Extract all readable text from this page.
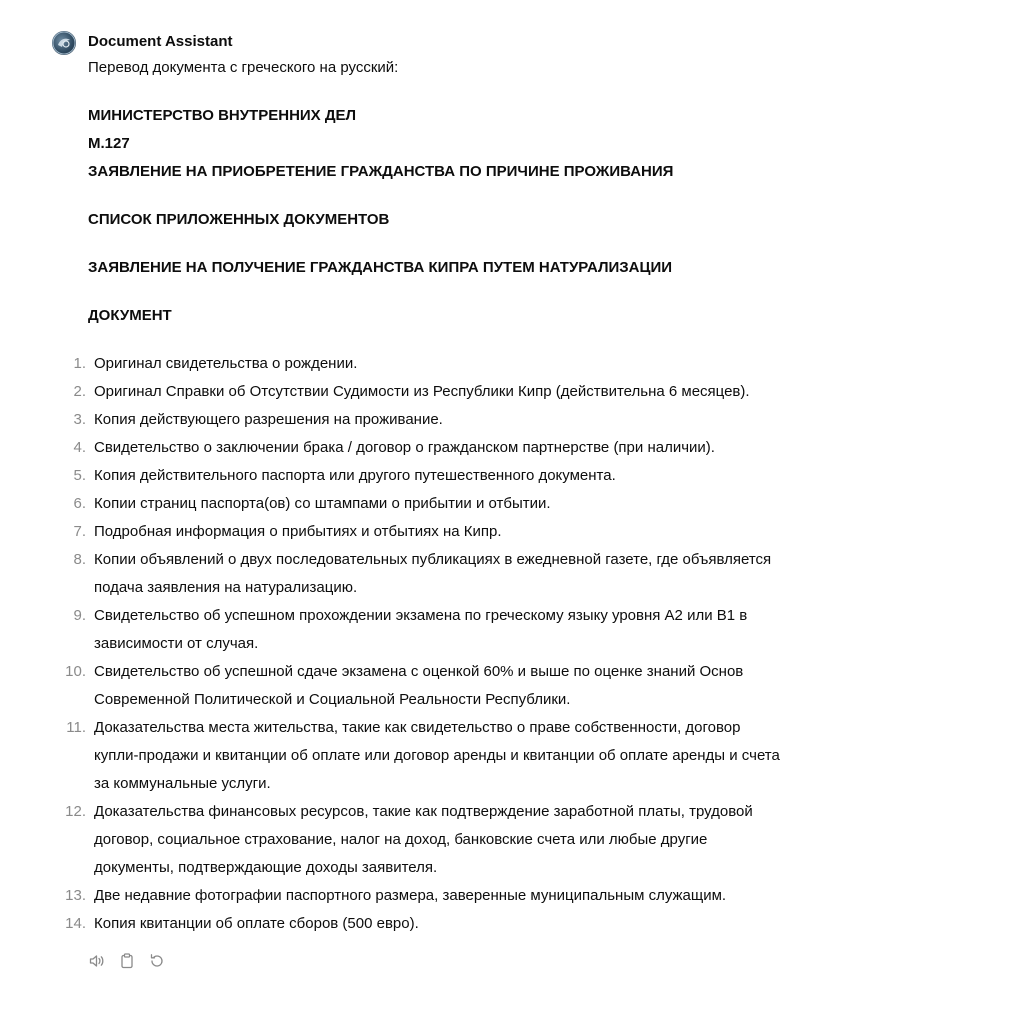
Document Assistant
Перевод документа с греческого на русский:
МИНИСТЕРСТВО ВНУТРЕННИХ ДЕЛ
М.127
ЗАЯВЛЕНИЕ НА ПРИОБРЕТЕНИЕ ГРАЖДАНСТВА ПО ПРИЧИНЕ ПРОЖИВАНИЯ
СПИСОК ПРИЛОЖЕННЫХ ДОКУМЕНТОВ
ЗАЯВЛЕНИЕ НА ПОЛУЧЕНИЕ ГРАЖДАНСТВА КИПРА ПУТЕМ НАТУРАЛИЗАЦИИ
ДОКУМЕНТ
1. Оригинал свидетельства о рождении.
2. Оригинал Справки об Отсутствии Судимости из Республики Кипр (действительна 6 месяцев).
3. Копия действующего разрешения на проживание.
4. Свидетельство о заключении брака / договор о гражданском партнерстве (при наличии).
5. Копия действительного паспорта или другого путешественного документа.
6. Копии страниц паспорта(ов) со штампами о прибытии и отбытии.
7. Подробная информация о прибытиях и отбытиях на Кипр.
8. Копии объявлений о двух последовательных публикациях в ежедневной газете, где объявляется подача заявления на натурализацию.
9. Свидетельство об успешном прохождении экзамена по греческому языку уровня А2 или В1 в зависимости от случая.
10. Свидетельство об успешной сдаче экзамена с оценкой 60% и выше по оценке знаний Основ Современной Политической и Социальной Реальности Республики.
11. Доказательства места жительства, такие как свидетельство о праве собственности, договор купли-продажи и квитанции об оплате или договор аренды и квитанции об оплате аренды и счета за коммунальные услуги.
12. Доказательства финансовых ресурсов, такие как подтверждение заработной платы, трудовой договор, социальное страхование, налог на доход, банковские счета или любые другие документы, подтверждающие доходы заявителя.
13. Две недавние фотографии паспортного размера, заверенные муниципальным служащим.
14. Копия квитанции об оплате сборов (500 евро).
